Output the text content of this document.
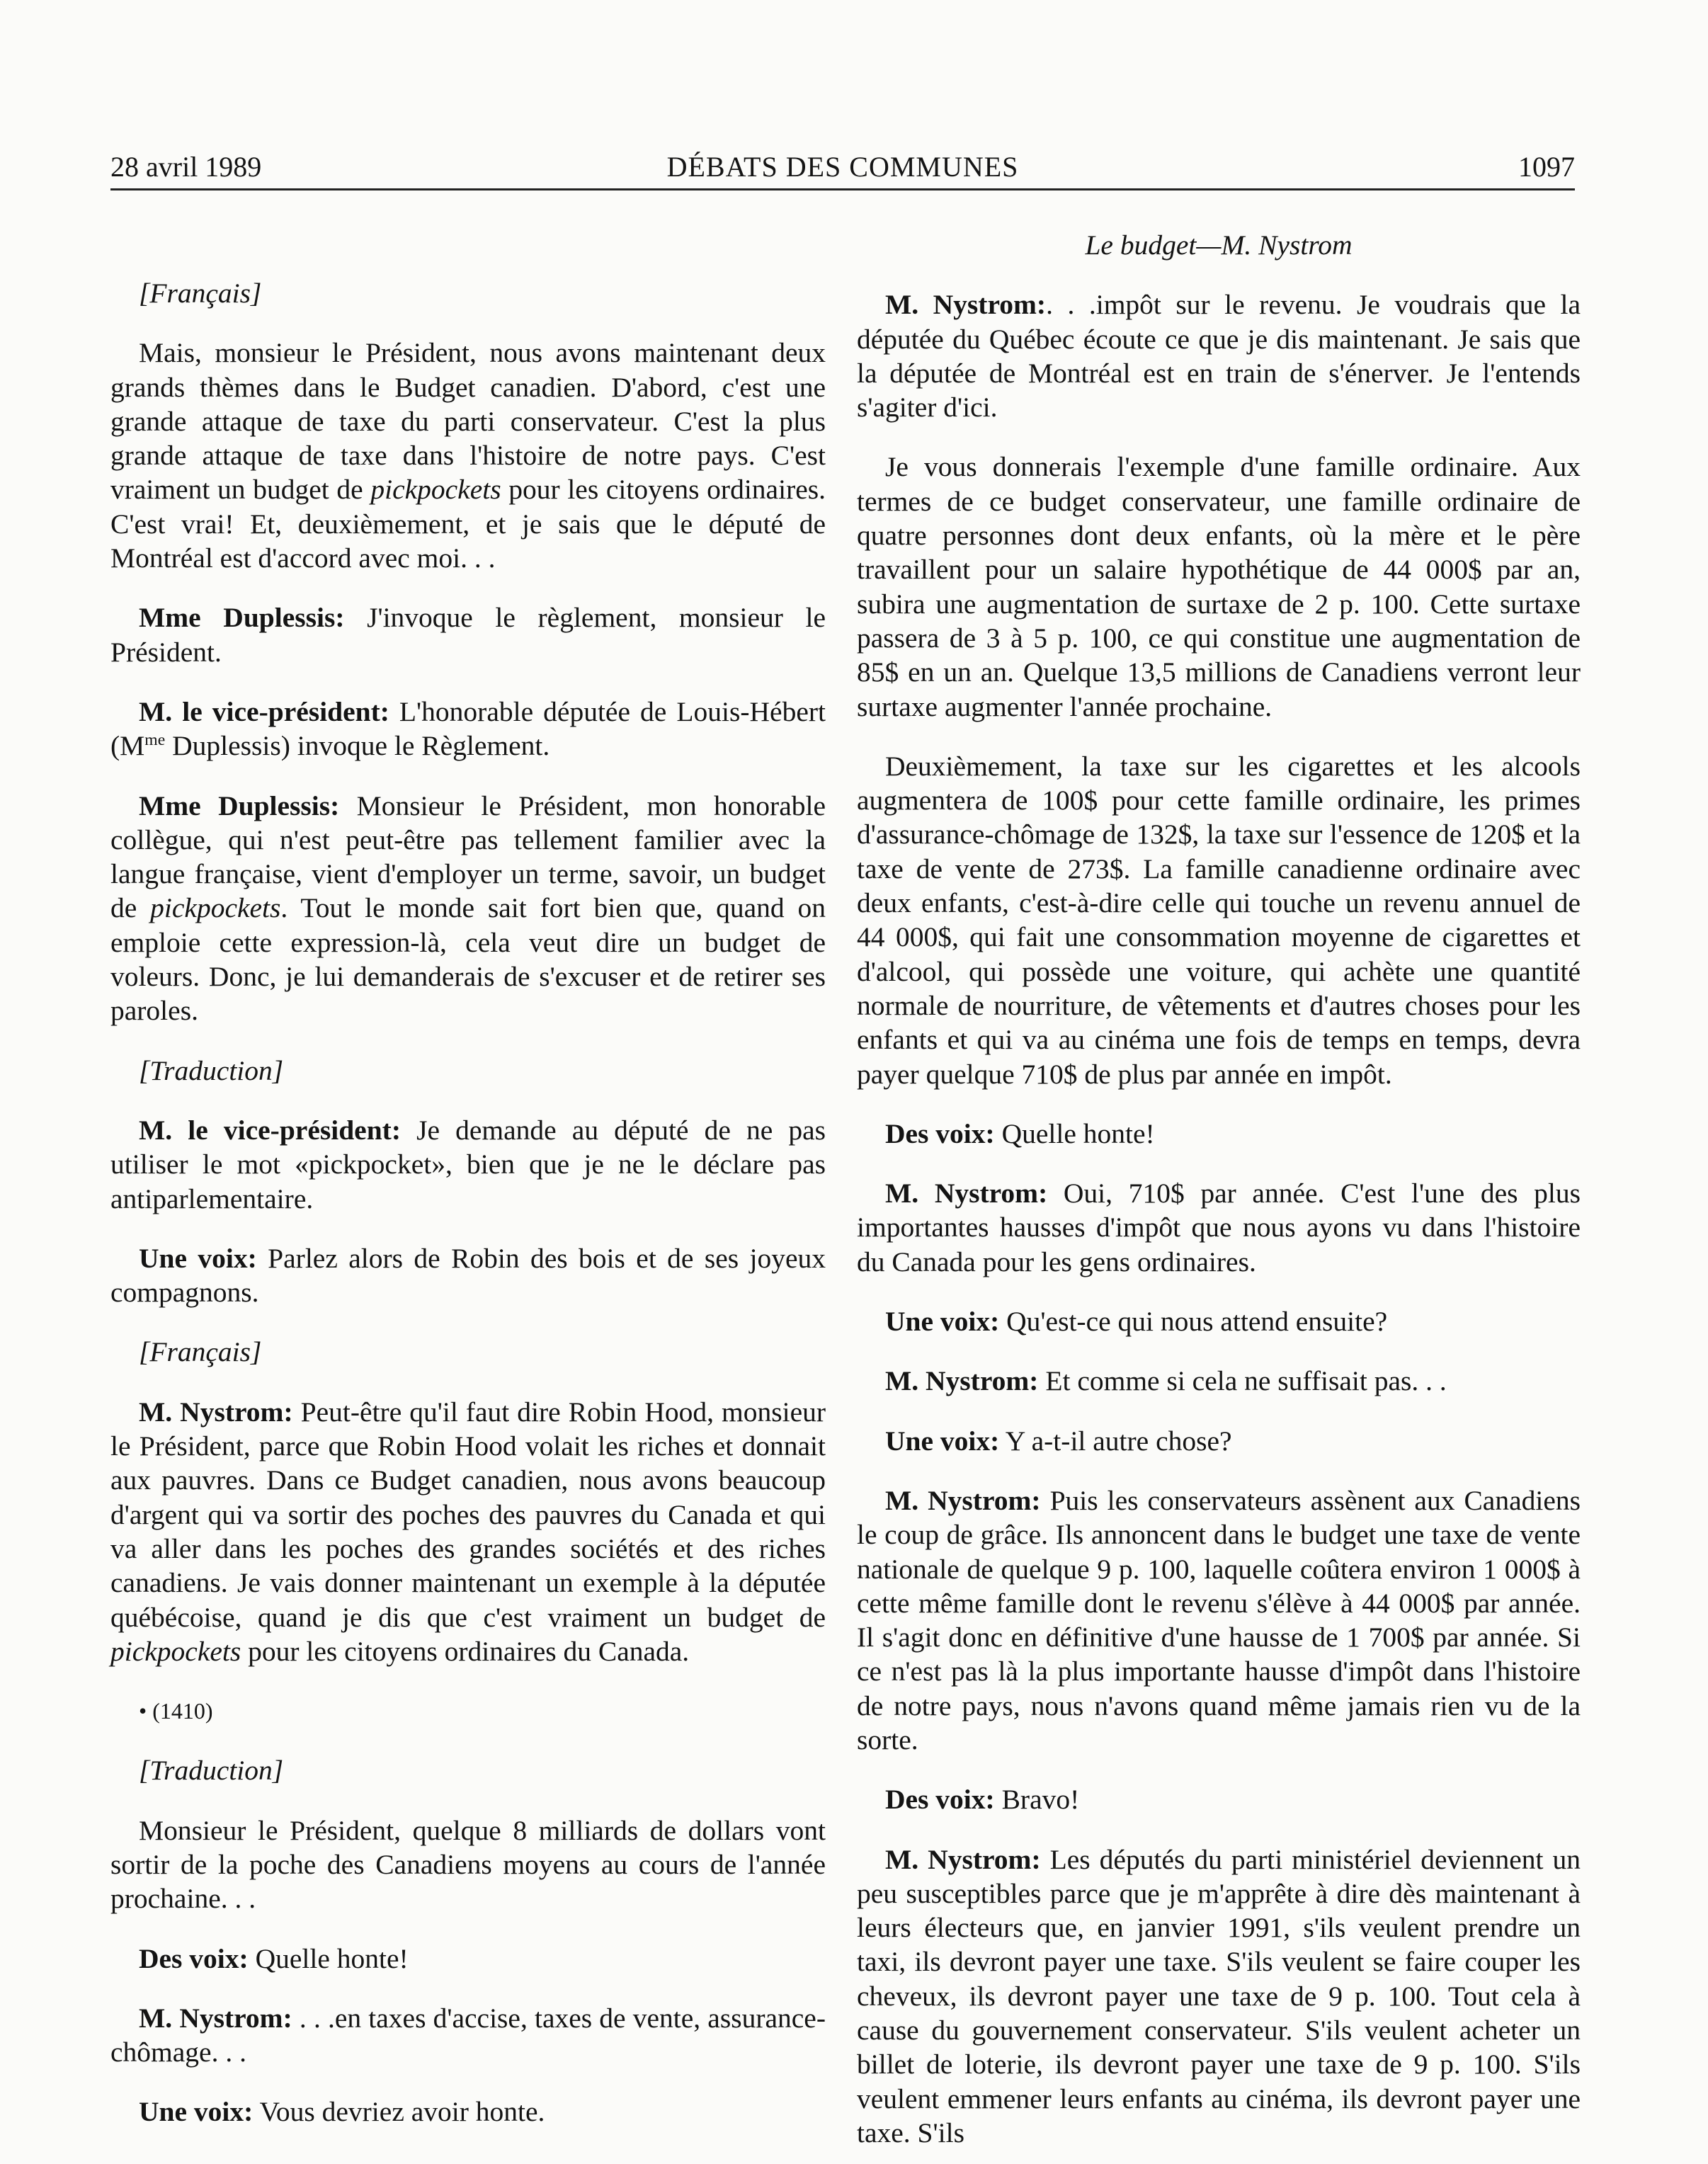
28 avril 1989	DÉBATS DES COMMUNES	1097
[Français]

Mais, monsieur le Président, nous avons maintenant deux grands thèmes dans le Budget canadien. D'abord, c'est une grande attaque de taxe du parti conservateur. C'est la plus grande attaque de taxe dans l'histoire de notre pays. C'est vraiment un budget de pickpockets pour les citoyens ordinaires. C'est vrai! Et, deuxièmement, et je sais que le député de Montréal est d'accord avec moi. . .

Mme Duplessis: J'invoque le règlement, monsieur le Président.

M. le vice-président: L'honorable députée de Louis-Hébert ($M^{me}$ Duplessis) invoque le Règlement.

Mme Duplessis: Monsieur le Président, mon honorable collègue, qui n'est peut-être pas tellement familier avec la langue française, vient d'employer un terme, savoir, un budget de pickpockets. Tout le monde sait fort bien que, quand on emploie cette expression-là, cela veut dire un budget de voleurs. Donc, je lui demanderais de s'excuser et de retirer ses paroles.

[Traduction]

M. le vice-président: Je demande au député de ne pas utiliser le mot «pickpocket», bien que je ne le déclare pas antiparlementaire.

Une voix: Parlez alors de Robin des bois et de ses joyeux compagnons.

[Français]

M. Nystrom: Peut-être qu'il faut dire Robin Hood, monsieur le Président, parce que Robin Hood volait les riches et donnait aux pauvres. Dans ce Budget canadien, nous avons beaucoup d'argent qui va sortir des poches des pauvres du Canada et qui va aller dans les poches des grandes sociétés et des riches canadiens. Je vais donner maintenant un exemple à la députée québécoise, quand je dis que c'est vraiment un budget de pickpockets pour les citoyens ordinaires du Canada.

• (1410)
[Traduction]

Monsieur le Président, quelque 8 milliards de dollars vont sortir de la poche des Canadiens moyens au cours de l'année prochaine. . .

Des voix: Quelle honte!

M. Nystrom: . . .en taxes d'accise, taxes de vente, assurance-chômage. . .

Une voix: Vous devriez avoir honte.

Le budget—M. Nystrom

M. Nystrom:. . .impôt sur le revenu. Je voudrais que la députée du Québec écoute ce que je dis maintenant. Je sais que la députée de Montréal est en train de s'énerver. Je l'entends s'agiter d'ici.

Je vous donnerais l'exemple d'une famille ordinaire. Aux termes de ce budget conservateur, une famille ordinaire de quatre personnes dont deux enfants, où la mère et le père travaillent pour un salaire hypothétique de 44 000$ par an, subira une augmentation de surtaxe de 2 p. 100. Cette surtaxe passera de 3 à 5 p. 100, ce qui constitue une augmentation de 85$ en un an. Quelque 13,5 millions de Canadiens verront leur surtaxe augmenter l'année prochaine.

Deuxièmement, la taxe sur les cigarettes et les alcools augmentera de 100$ pour cette famille ordinaire, les primes d'assurance-chômage de 132$, la taxe sur l'essence de 120$ et la taxe de vente de 273$. La famille canadienne ordinaire avec deux enfants, c'est-à-dire celle qui touche un revenu annuel de 44 000$, qui fait une consommation moyenne de cigarettes et d'alcool, qui possède une voiture, qui achète une quantité normale de nourriture, de vêtements et d'autres choses pour les enfants et qui va au cinéma une fois de temps en temps, devra payer quelque 710$ de plus par année en impôt.

Des voix: Quelle honte!

M. Nystrom: Oui, 710$ par année. C'est l'une des plus importantes hausses d'impôt que nous ayons vu dans l'histoire du Canada pour les gens ordinaires.

Une voix: Qu'est-ce qui nous attend ensuite?

M. Nystrom: Et comme si cela ne suffisait pas. . .

Une voix: Y a-t-il autre chose?

M. Nystrom: Puis les conservateurs assènent aux Canadiens le coup de grâce. Ils annoncent dans le budget une taxe de vente nationale de quelque 9 p. 100, laquelle coûtera environ 1 000$ à cette même famille dont le revenu s'élève à 44 000$ par année. Il s'agit donc en définitive d'une hausse de 1 700$ par année. Si ce n'est pas là la plus importante hausse d'impôt dans l'histoire de notre pays, nous n'avons quand même jamais rien vu de la sorte.

Des voix: Bravo!

M. Nystrom: Les députés du parti ministériel deviennent un peu susceptibles parce que je m'apprête à dire dès maintenant à leurs électeurs que, en janvier 1991, s'ils veulent prendre un taxi, ils devront payer une taxe. S'ils veulent se faire couper les cheveux, ils devront payer une taxe de 9 p. 100. Tout cela à cause du gouvernement conservateur. S'ils veulent acheter un billet de loterie, ils devront payer une taxe de 9 p. 100. S'ils veulent emmener leurs enfants au cinéma, ils devront payer une taxe. S'ils
